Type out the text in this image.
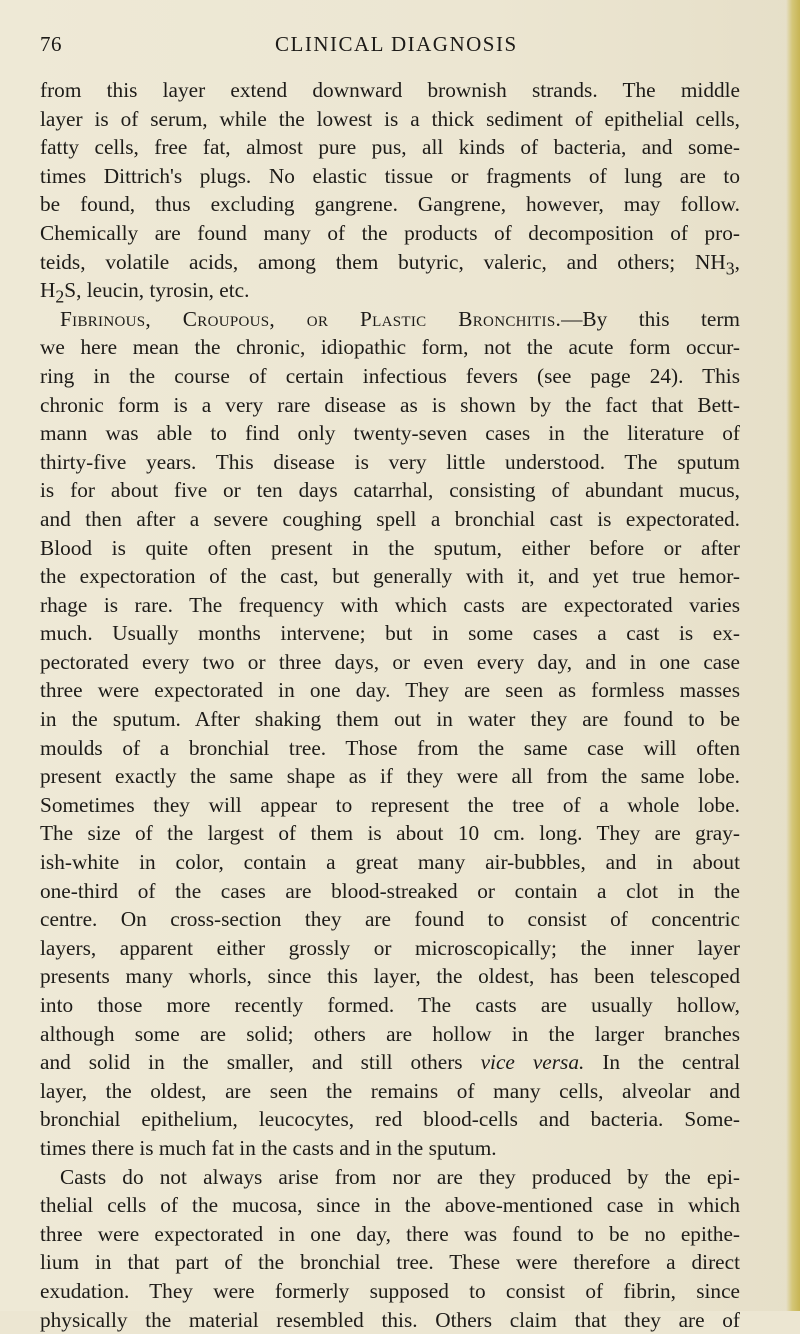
76	CLINICAL DIAGNOSIS
from this layer extend downward brownish strands. The middle
layer is of serum, while the lowest is a thick sediment of epithelial cells,
fatty cells, free fat, almost pure pus, all kinds of bacteria, and some-
times Dittrich's plugs. No elastic tissue or fragments of lung are to
be found, thus excluding gangrene. Gangrene, however, may follow.
Chemically are found many of the products of decomposition of pro-
teids, volatile acids, among them butyric, valeric, and others; $NH_3$,
$H_2S$, leucin, tyrosin, etc.
Fibrinous, Croupous, or Plastic Bronchitis.—By this term
we here mean the chronic, idiopathic form, not the acute form occur-
ring in the course of certain infectious fevers (see page 24). This
chronic form is a very rare disease as is shown by the fact that Bett-
mann was able to find only twenty-seven cases in the literature of
thirty-five years. This disease is very little understood. The sputum
is for about five or ten days catarrhal, consisting of abundant mucus,
and then after a severe coughing spell a bronchial cast is expectorated.
Blood is quite often present in the sputum, either before or after
the expectoration of the cast, but generally with it, and yet true hemor-
rhage is rare. The frequency with which casts are expectorated varies
much. Usually months intervene; but in some cases a cast is ex-
pectorated every two or three days, or even every day, and in one case
three were expectorated in one day. They are seen as formless masses
in the sputum. After shaking them out in water they are found to be
moulds of a bronchial tree. Those from the same case will often
present exactly the same shape as if they were all from the same lobe.
Sometimes they will appear to represent the tree of a whole lobe.
The size of the largest of them is about 10 cm. long. They are gray-
ish-white in color, contain a great many air-bubbles, and in about
one-third of the cases are blood-streaked or contain a clot in the
centre. On cross-section they are found to consist of concentric
layers, apparent either grossly or microscopically; the inner layer
presents many whorls, since this layer, the oldest, has been telescoped
into those more recently formed. The casts are usually hollow,
although some are solid; others are hollow in the larger branches
and solid in the smaller, and still others vice versa. In the central
layer, the oldest, are seen the remains of many cells, alveolar and
bronchial epithelium, leucocytes, red blood-cells and bacteria. Some-
times there is much fat in the casts and in the sputum.
Casts do not always arise from nor are they produced by the epi-
thelial cells of the mucosa, since in the above-mentioned case in which
three were expectorated in one day, there was found to be no epithe-
lium in that part of the bronchial tree. These were therefore a direct
exudation. They were formerly supposed to consist of fibrin, since
physically the material resembled this. Others claim that they are of
